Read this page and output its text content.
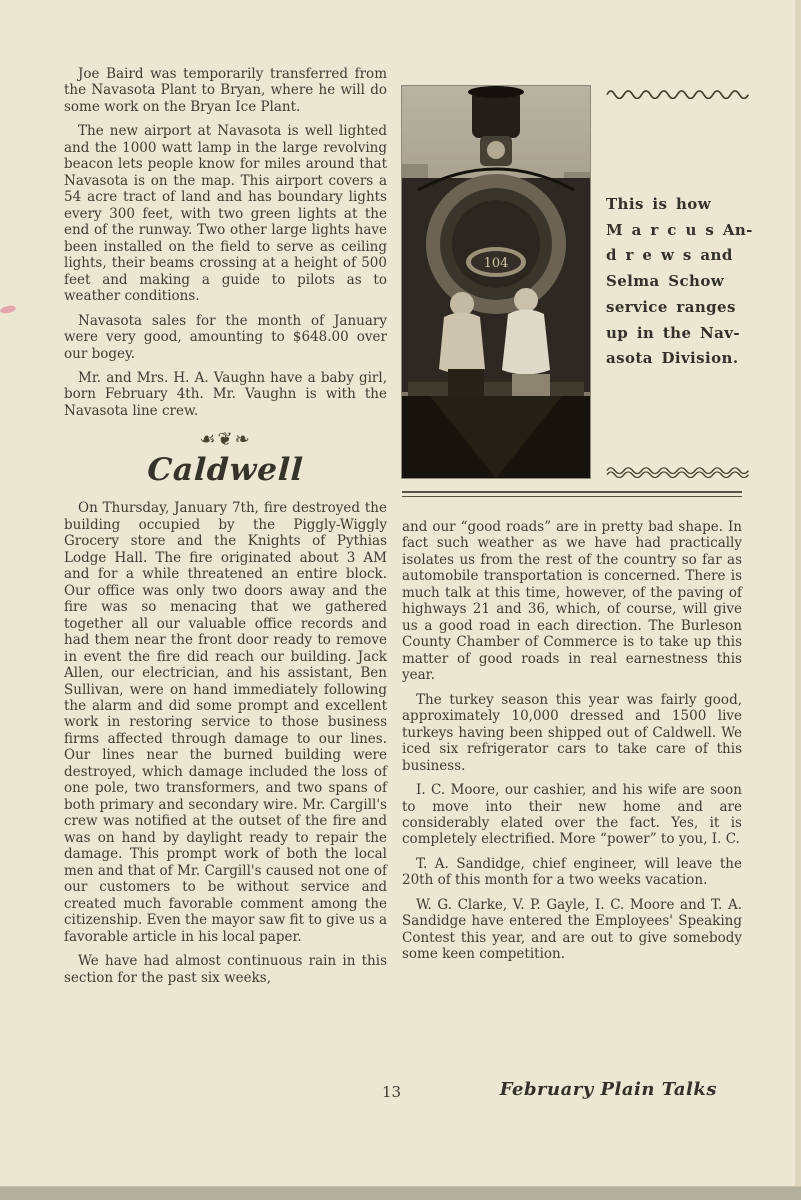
Joe Baird was temporarily transferred from the Navasota Plant to Bryan, where he will do some work on the Bryan Ice Plant.

The new airport at Navasota is well lighted and the 1000 watt lamp in the large revolving beacon lets people know for miles around that Navasota is on the map. This airport covers a 54 acre tract of land and has boundary lights every 300 feet, with two green lights at the end of the runway. Two other large lights have been installed on the field to serve as ceiling lights, their beams crossing at a height of 500 feet and making a guide to pilots as to weather conditions.

Navasota sales for the month of January were very good, amounting to $648.00 over our bogey.

Mr. and Mrs. H. A. Vaughn have a baby girl, born February 4th. Mr. Vaughn is with the Navasota line crew.

☙❦❧
Caldwell

On Thursday, January 7th, fire destroyed the building occupied by the Piggly-Wiggly Grocery store and the Knights of Pythias Lodge Hall. The fire originated about 3 AM and for a while threatened an entire block. Our office was only two doors away and the fire was so menacing that we gathered together all our valuable office records and had them near the front door ready to remove in event the fire did reach our building. Jack Allen, our electrician, and his assistant, Ben Sullivan, were on hand immediately following the alarm and did some prompt and excellent work in restoring service to those business firms affected through damage to our lines. Our lines near the burned building were destroyed, which damage included the loss of one pole, two transformers, and two spans of both primary and secondary wire. Mr. Cargill's crew was notified at the outset of the fire and was on hand by daylight ready to repair the damage. This prompt work of both the local men and that of Mr. Cargill's caused not one of our customers to be without service and created much favorable comment among the citizenship. Even the mayor saw fit to give us a favorable article in his local paper.

We have had almost continuous rain in this section for the past six weeks,

104
This is how
M a r c u s An-
d r e w s and
Selma Schow
service ranges
up in the Nav-
asota Division.

and our “good roads” are in pretty bad shape. In fact such weather as we have had practically isolates us from the rest of the country so far as automobile transportation is concerned. There is much talk at this time, however, of the paving of highways 21 and 36, which, of course, will give us a good road in each direction. The Burleson County Chamber of Commerce is to take up this matter of good roads in real earnestness this year.

The turkey season this year was fairly good, approximately 10,000 dressed and 1500 live turkeys having been shipped out of Caldwell. We iced six refrigerator cars to take care of this business.

I. C. Moore, our cashier, and his wife are soon to move into their new home and are considerably elated over the fact. Yes, it is completely electrified. More “power” to you, I. C.

T. A. Sandidge, chief engineer, will leave the 20th of this month for a two weeks vacation.

W. G. Clarke, V. P. Gayle, I. C. Moore and T. A. Sandidge have entered the Employees' Speaking Contest this year, and are out to give somebody some keen competition.

13	February Plain Talks
